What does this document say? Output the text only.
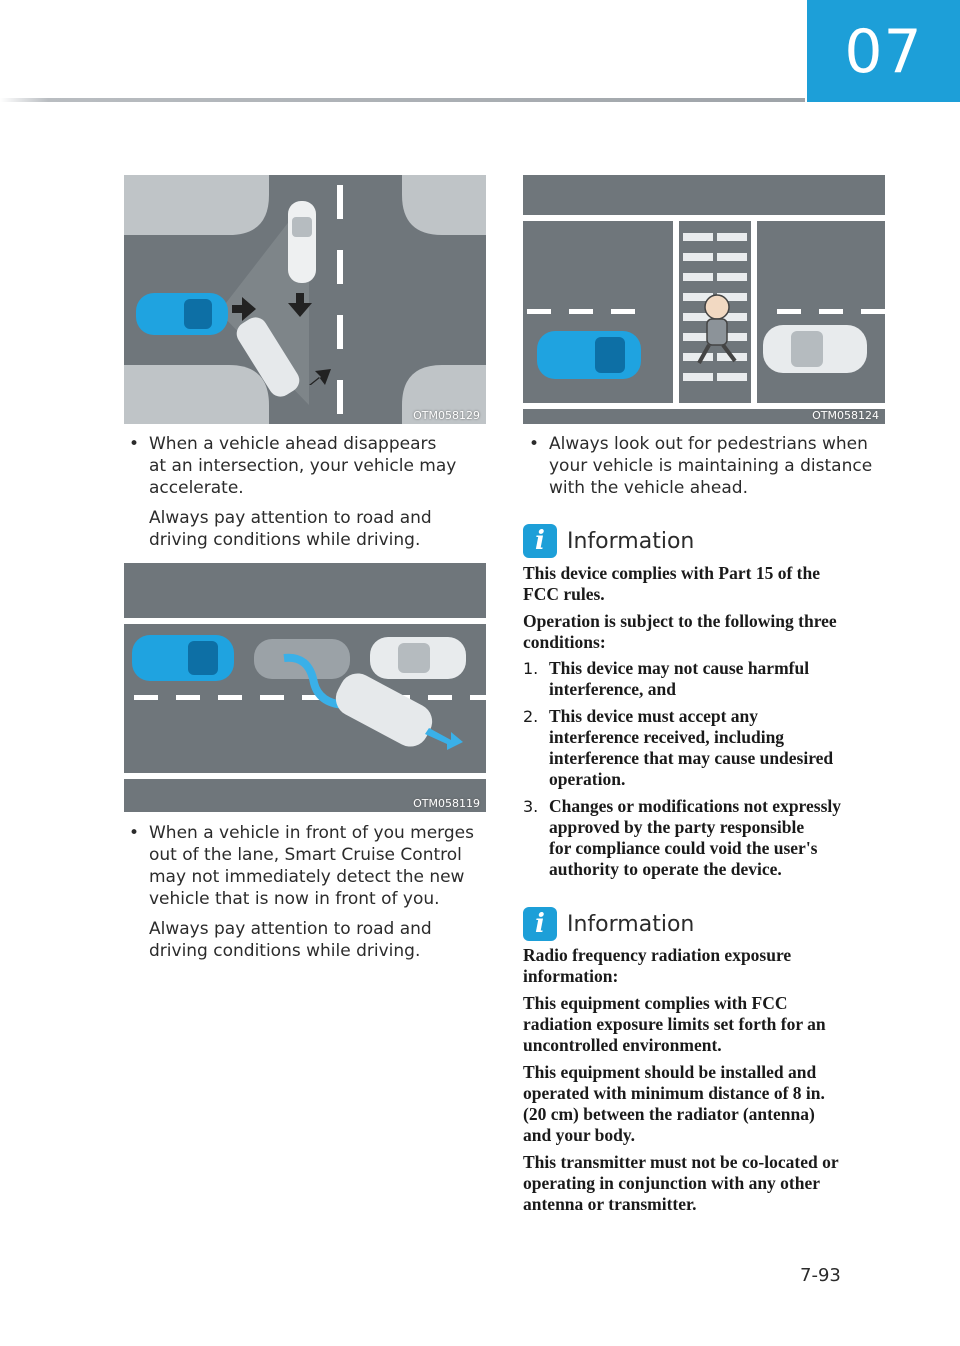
07
OTM058129
• When a vehicle ahead disappears
at an intersection, your vehicle may
accelerate.
Always pay attention to road and
driving conditions while driving.
OTM058119
• When a vehicle in front of you merges
out of the lane, Smart Cruise Control
may not immediately detect the new
vehicle that is now in front of you.
Always pay attention to road and
driving conditions while driving.
OTM058124
• Always look out for pedestrians when
your vehicle is maintaining a distance
with the vehicle ahead.
i	Information
This device complies with Part 15 of the
FCC rules.
Operation is subject to the following three
conditions:
1. This device may not cause harmful
interference, and
2. This device must accept any
interference received, including
interference that may cause undesired
operation.
3. Changes or modifications not expressly
approved by the party responsible
for compliance could void the user's
authority to operate the device.
i	Information
Radio frequency radiation exposure
information:
This equipment complies with FCC
radiation exposure limits set forth for an
uncontrolled environment.
This equipment should be installed and
operated with minimum distance of 8 in.
(20 cm) between the radiator (antenna)
and your body.
This transmitter must not be co-located or
operating in conjunction with any other
antenna or transmitter.
7-93
